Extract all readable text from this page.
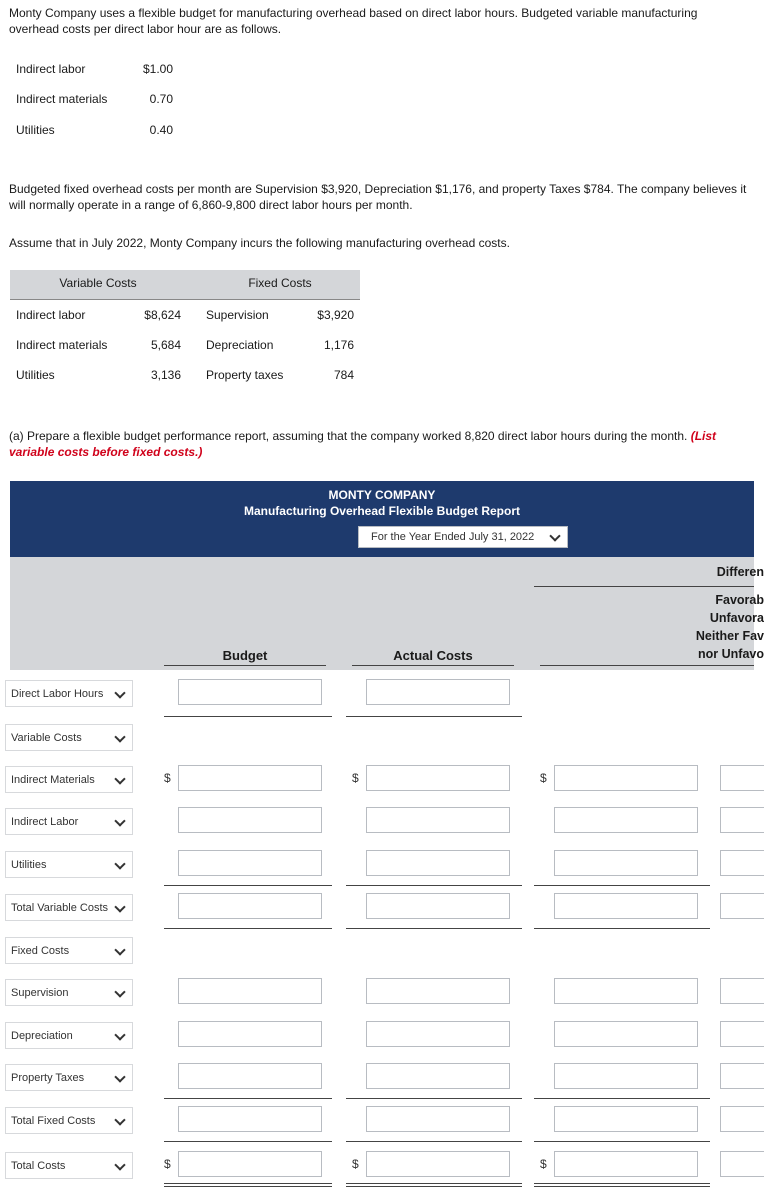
Monty Company uses a flexible budget for manufacturing overhead based on direct labor hours. Budgeted variable manufacturing overhead costs per direct labor hour are as follows.
Indirect labor	$1.00
Indirect materials	0.70
Utilities	0.40
Budgeted fixed overhead costs per month are Supervision $3,920, Depreciation $1,176, and property Taxes $784. The company believes it will normally operate in a range of 6,860-9,800 direct labor hours per month.
Assume that in July 2022, Monty Company incurs the following manufacturing overhead costs.
Variable Costs	Fixed Costs
Indirect labor	$8,624 Supervision	$3,920
Indirect materials	5,684 Depreciation	1,176
Utilities	3,136 Property taxes	784
(a) Prepare a flexible budget performance report, assuming that the company worked 8,820 direct labor hours during the month. (List variable costs before fixed costs.)
MONTY COMPANY
Manufacturing Overhead Flexible Budget Report
For the Year Ended July 31, 2022
Differen
Favorab
Unfavora
Neither Fav
nor Unfavo
Budget	Actual Costs
Direct Labor Hours
Variable Costs
Indirect Materials	$	$	$
Indirect Labor
Utilities
Total Variable Costs
Fixed Costs
Supervision
Depreciation
Property Taxes
Total Fixed Costs
Total Costs	$	$	$
